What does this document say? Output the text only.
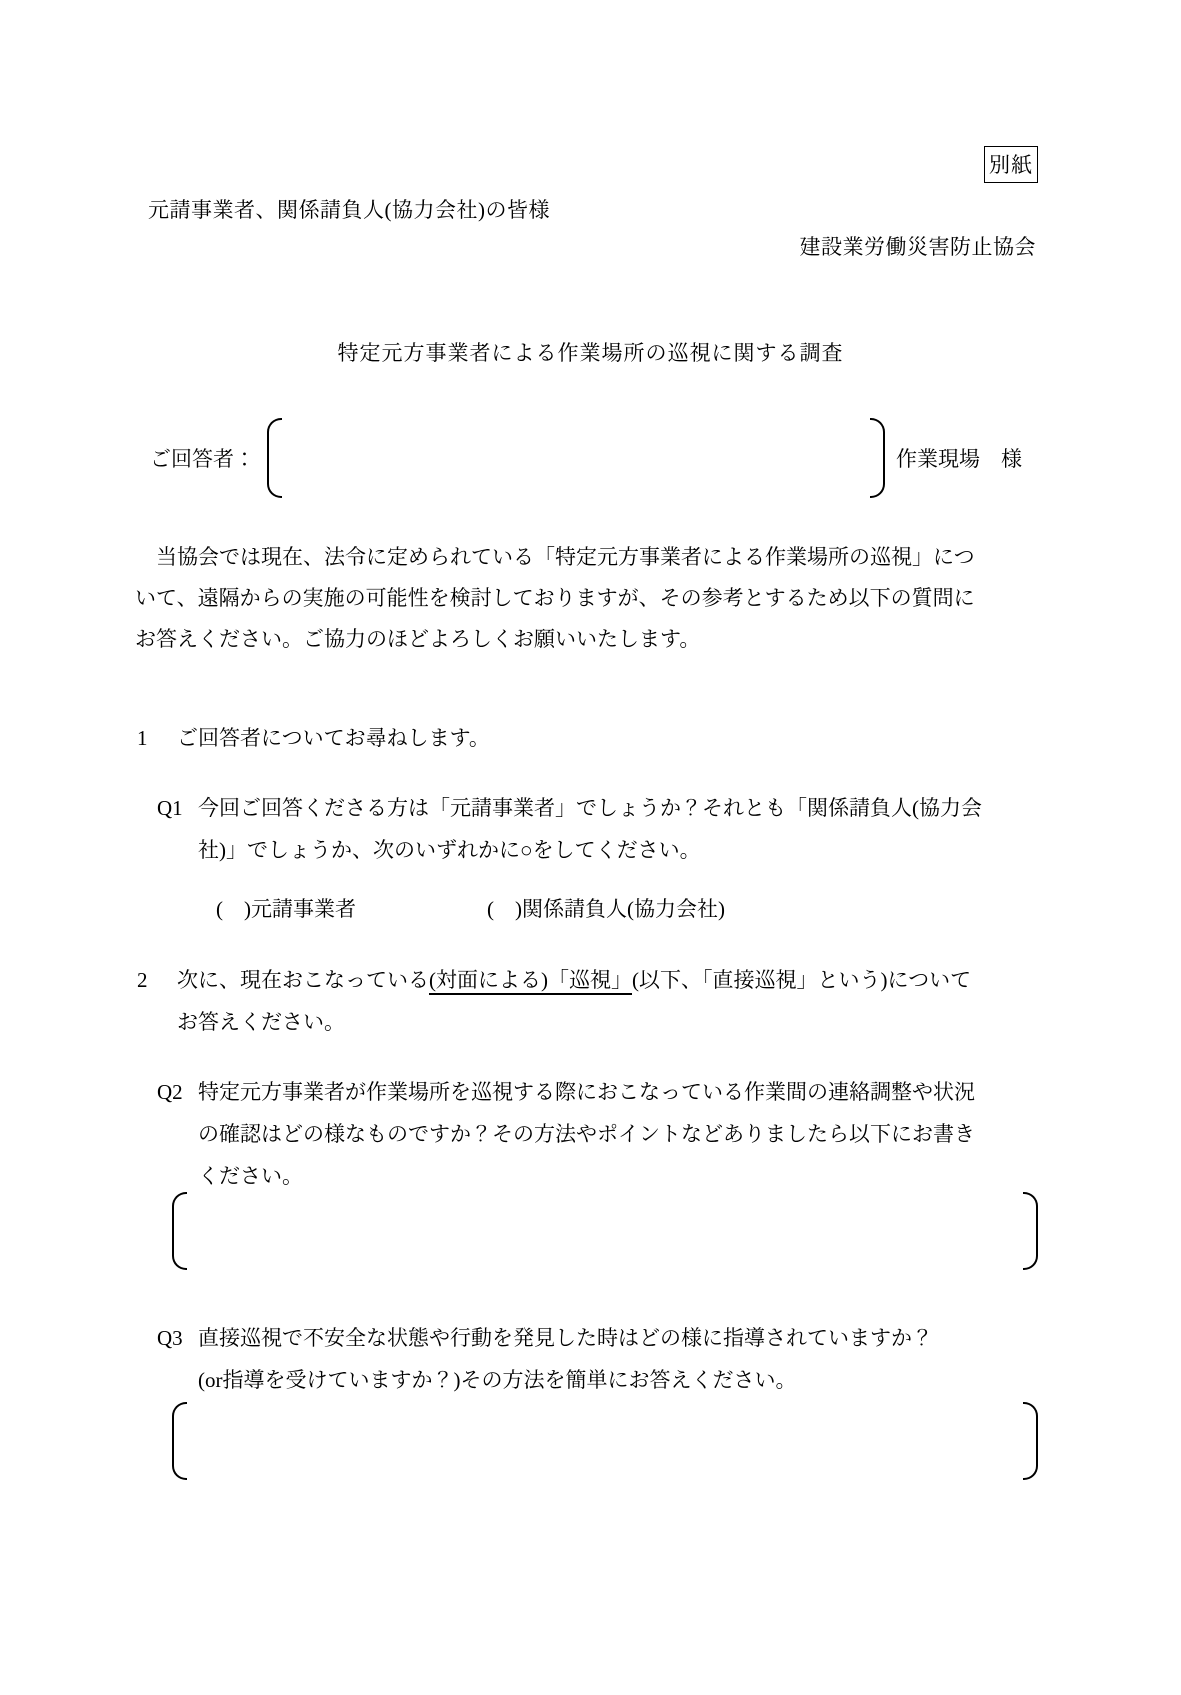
別紙
元請事業者、関係請負人(協力会社)の皆様
建設業労働災害防止協会
特定元方事業者による作業場所の巡視に関する調査
ご回答者：	作業現場　様
　当協会では現在、法令に定められている「特定元方事業者による作業場所の巡視」につ
いて、遠隔からの実施の可能性を検討しておりますが、その参考とするため以下の質問に
お答えください。ご協力のほどよろしくお願いいたします。
1 ご回答者についてお尋ねします。
Q1 今回ご回答くださる方は「元請事業者」でしょうか？それとも「関係請負人(協力会
社)」でしょうか、次のいずれかに○をしてください。
(　)元請事業者	(　)関係請負人(協力会社)
2 次に、現在おこなっている(対面による)「巡視」(以下、「直接巡視」という)について
お答えください。
Q2 特定元方事業者が作業場所を巡視する際におこなっている作業間の連絡調整や状況
の確認はどの様なものですか？その方法やポイントなどありましたら以下にお書き
ください。
Q3 直接巡視で不安全な状態や行動を発見した時はどの様に指導されていますか？
(or指導を受けていますか？)その方法を簡単にお答えください。
